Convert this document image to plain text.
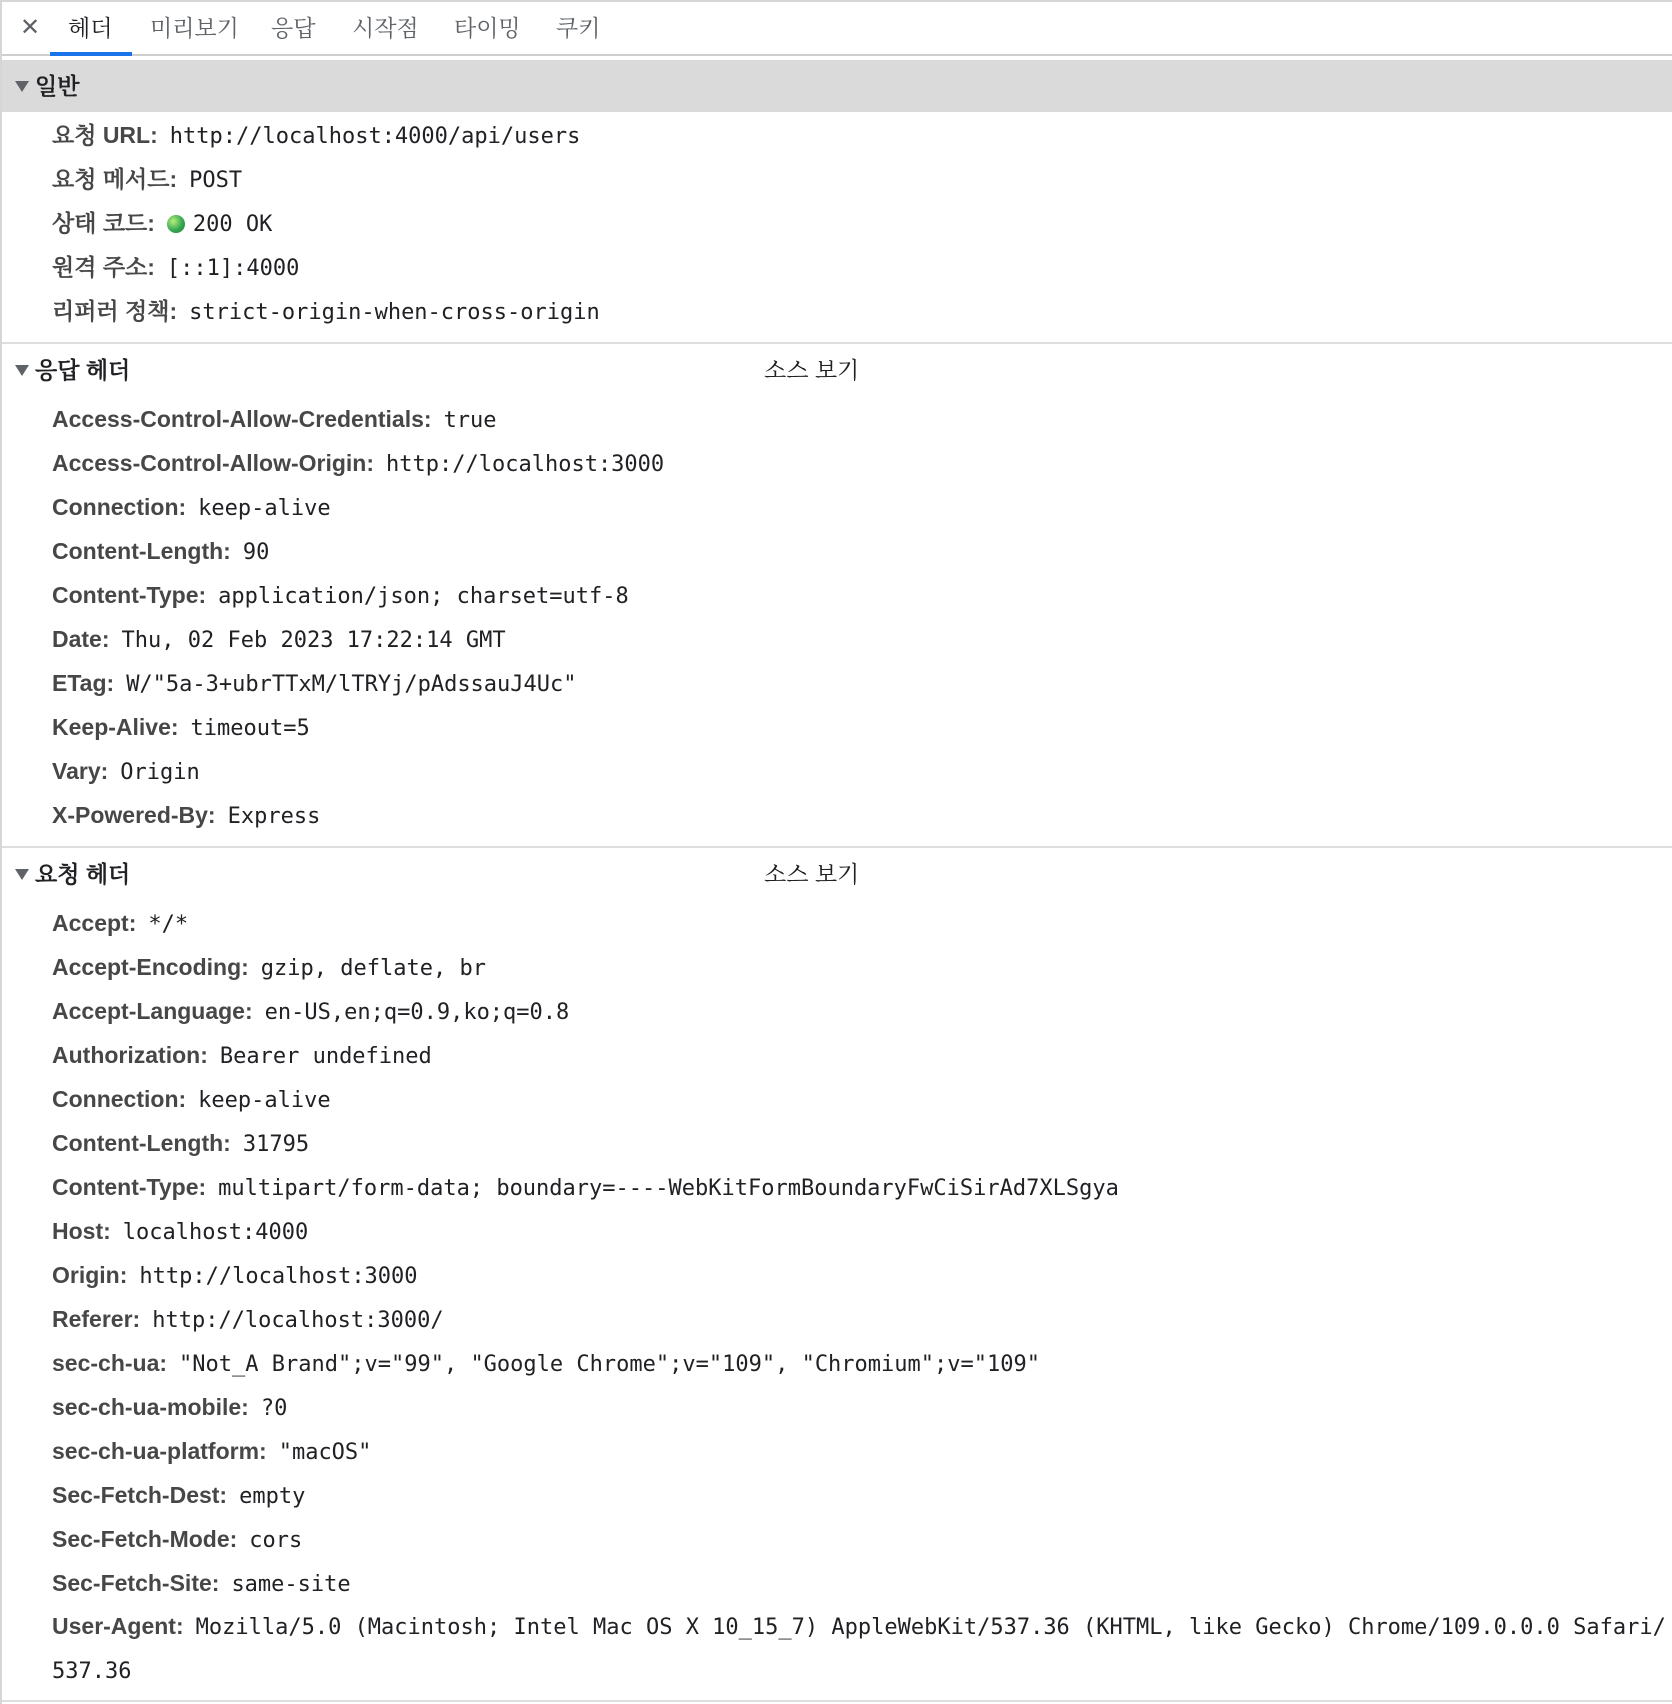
✕ 헤더 미리보기 응답 시작점 타이밍 쿠키
일반
요청 URL: http://localhost:4000/api/users
요청 메서드: POST
상태 코드: 200 OK
원격 주소: [::1]:4000
리퍼러 정책: strict-origin-when-cross-origin
응답 헤더	소스 보기
Access-Control-Allow-Credentials: true
Access-Control-Allow-Origin: http://localhost:3000
Connection: keep-alive
Content-Length: 90
Content-Type: application/json; charset=utf-8
Date: Thu, 02 Feb 2023 17:22:14 GMT
ETag: W/"5a-3+ubrTTxM/lTRYj/pAdssauJ4Uc"
Keep-Alive: timeout=5
Vary: Origin
X-Powered-By: Express
요청 헤더	소스 보기
Accept: */*
Accept-Encoding: gzip, deflate, br
Accept-Language: en-US,en;q=0.9,ko;q=0.8
Authorization: Bearer undefined
Connection: keep-alive
Content-Length: 31795
Content-Type: multipart/form-data; boundary=----WebKitFormBoundaryFwCiSirAd7XLSgya
Host: localhost:4000
Origin: http://localhost:3000
Referer: http://localhost:3000/
sec-ch-ua: "Not_A Brand";v="99", "Google Chrome";v="109", "Chromium";v="109"
sec-ch-ua-mobile: ?0
sec-ch-ua-platform: "macOS"
Sec-Fetch-Dest: empty
Sec-Fetch-Mode: cors
Sec-Fetch-Site: same-site
User-Agent: Mozilla/5.0 (Macintosh; Intel Mac OS X 10_15_7) AppleWebKit/537.36 (KHTML, like Gecko) Chrome/109.0.0.0 Safari/537.36
